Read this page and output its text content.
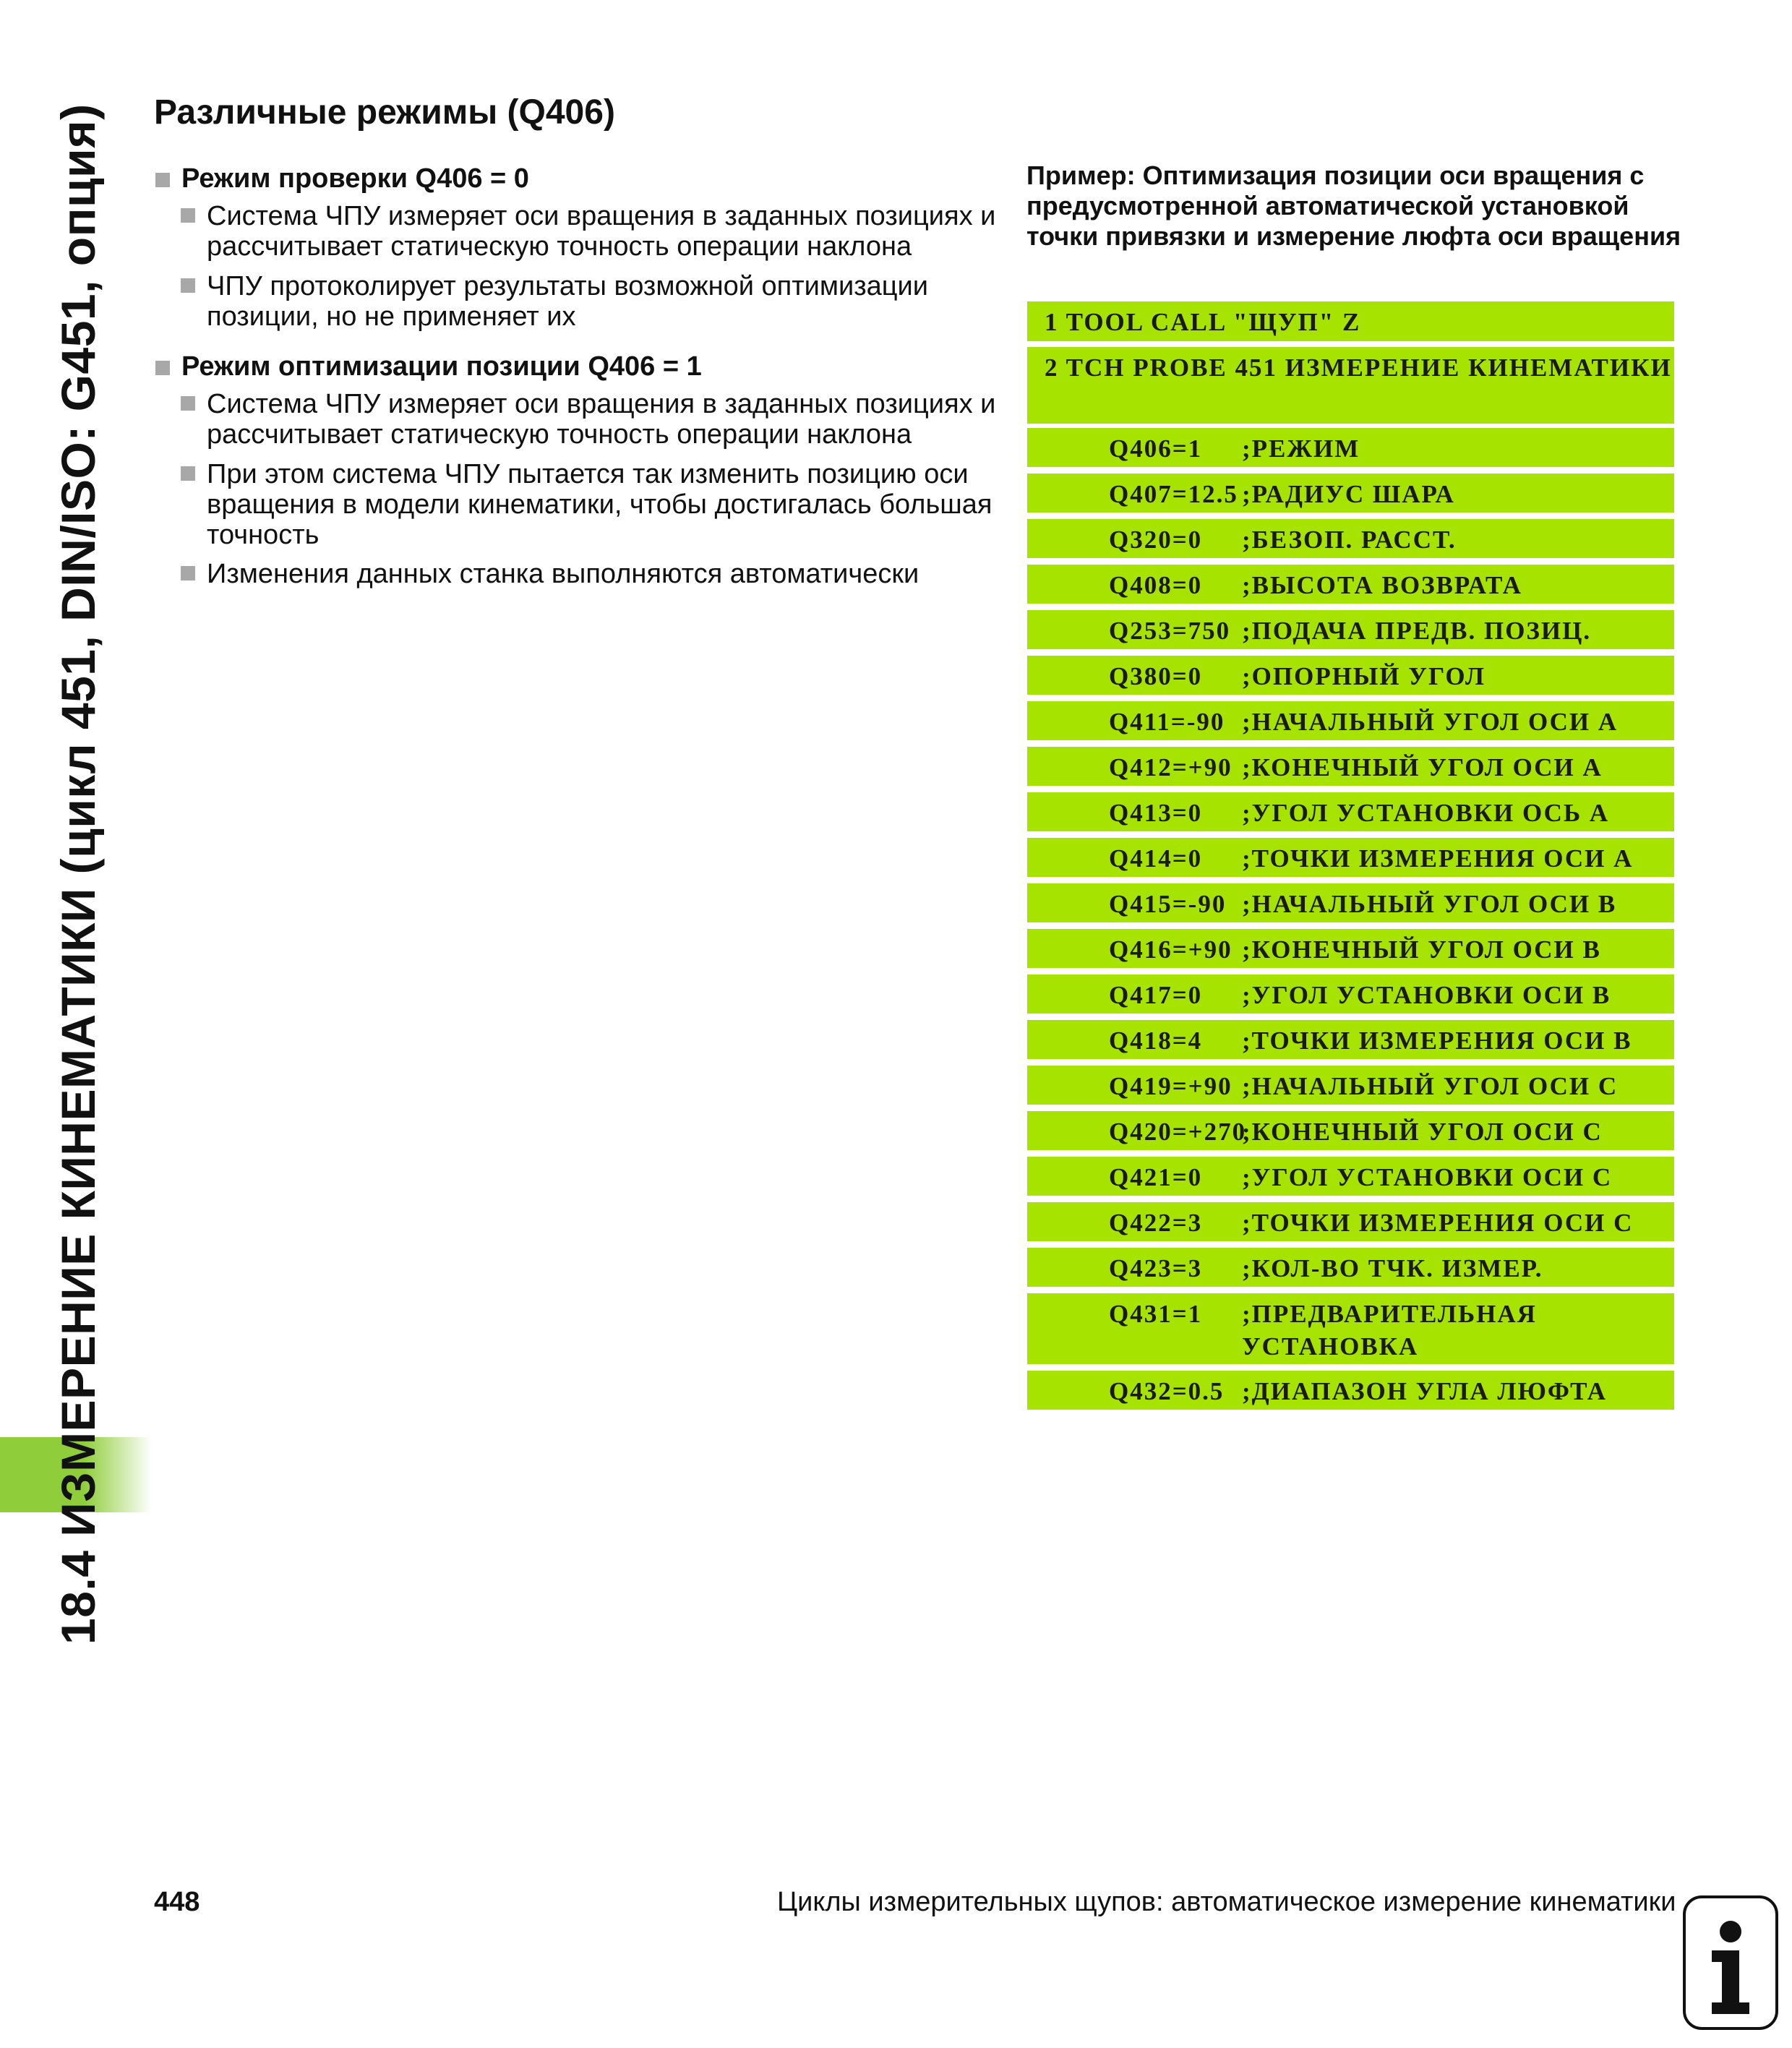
18.4 ИЗМЕРЕНИЕ КИНЕМАТИКИ (цикл 451, DIN/ISO: G451, опция) Различные режимы (Q406)
Режим проверки Q406 = 0
Система ЧПУ измеряет оси вращения в заданных позициях и рассчитывает статическую точность операции наклона
ЧПУ протоколирует результаты возможной оптимизации позиции, но не применяет их
Режим оптимизации позиции Q406 = 1
Система ЧПУ измеряет оси вращения в заданных позициях и рассчитывает статическую точность операции наклона
При этом система ЧПУ пытается так изменить позицию оси вращения в модели кинематики, чтобы достигалась большая точность
Изменения данных станка выполняются автоматически
Пример: Оптимизация позиции оси вращения с предусмотренной автоматической установкой точки привязки и измерение люфта оси вращения
1 TOOL CALL "ЩУП" Z
2 TCH PROBE 451 ИЗМЕРЕНИЕ КИНЕМАТИКИ
Q406=1 ;РЕЖИМ
Q407=12.5 ;РАДИУС ШАРА
Q320=0 ;БЕЗОП. РАССТ.
Q408=0 ;ВЫСОТА ВОЗВРАТА
Q253=750 ;ПОДАЧА ПРЕДВ. ПОЗИЦ.
Q380=0 ;ОПОРНЫЙ УГОЛ
Q411=-90 ;НАЧАЛЬНЫЙ УГОЛ ОСИ A
Q412=+90 ;КОНЕЧНЫЙ УГОЛ ОСИ A
Q413=0 ;УГОЛ УСТАНОВКИ ОСЬ A
Q414=0 ;ТОЧКИ ИЗМЕРЕНИЯ ОСИ A
Q415=-90 ;НАЧАЛЬНЫЙ УГОЛ ОСИ B
Q416=+90 ;КОНЕЧНЫЙ УГОЛ ОСИ B
Q417=0 ;УГОЛ УСТАНОВКИ ОСИ B
Q418=4 ;ТОЧКИ ИЗМЕРЕНИЯ ОСИ B
Q419=+90 ;НАЧАЛЬНЫЙ УГОЛ ОСИ C
Q420=+270
;КОНЕЧНЫЙ УГОЛ ОСИ C
Q421=0 ;УГОЛ УСТАНОВКИ ОСИ C
Q422=3 ;ТОЧКИ ИЗМЕРЕНИЯ ОСИ C
Q423=3 ;КОЛ-ВО ТЧК. ИЗМЕР.
Q431=1 ;ПРЕДВАРИТЕЛЬНАЯ
УСТАНОВКА
Q432=0.5 ;ДИАПАЗОН УГЛА ЛЮФТА
448	Циклы измерительных щупов: автоматическое измерение кинематики
